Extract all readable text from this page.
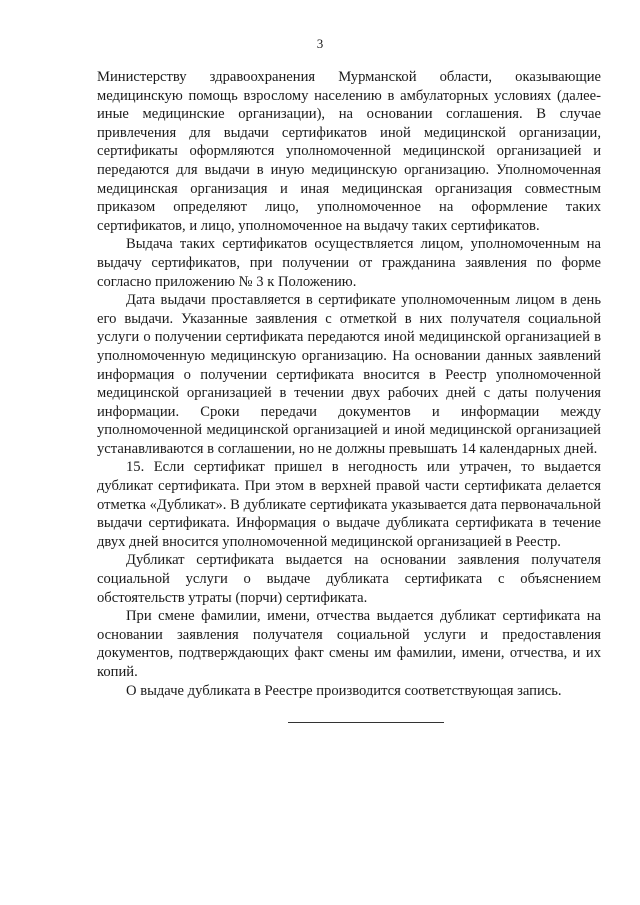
3

Министерству здравоохранения Мурманской области, оказывающие медицинскую помощь взрослому населению в амбулаторных условиях (далее- иные медицинские организации), на основании соглашения. В случае привлечения для выдачи сертификатов иной медицинской организации, сертификаты оформляются уполномоченной медицинской организацией и передаются для выдачи в иную медицинскую организацию. Уполномоченная медицинская организация и иная медицинская организация совместным приказом определяют лицо, уполномоченное на оформление таких сертификатов, и лицо, уполномоченное на выдачу таких сертификатов.

Выдача таких сертификатов осуществляется лицом, уполномоченным на выдачу сертификатов, при получении от гражданина заявления по форме согласно приложению № 3 к Положению.

Дата выдачи проставляется в сертификате уполномоченным лицом в день его выдачи. Указанные заявления с отметкой в них получателя социальной услуги о получении сертификата передаются иной медицинской организацией в уполномоченную медицинскую организацию. На основании данных заявлений информация о получении сертификата вносится в Реестр уполномоченной медицинской организацией в течении двух рабочих дней с даты получения информации. Сроки передачи документов и информации между уполномоченной медицинской организацией и иной медицинской организацией устанавливаются в соглашении, но не должны превышать 14 календарных дней.

15. Если сертификат пришел в негодность или утрачен, то выдается дубликат сертификата. При этом в верхней правой части сертификата делается отметка «Дубликат». В дубликате сертификата указывается дата первоначальной выдачи сертификата. Информация о выдаче дубликата сертификата в течение двух дней вносится уполномоченной медицинской организацией в Реестр.

Дубликат сертификата выдается на основании заявления получателя социальной услуги о выдаче дубликата сертификата с объяснением обстоятельств утраты (порчи) сертификата.

При смене фамилии, имени, отчества выдается дубликат сертификата на основании заявления получателя социальной услуги и предоставления документов, подтверждающих факт смены им фамилии, имени, отчества, и их копий.

О выдаче дубликата в Реестре производится соответствующая запись.
